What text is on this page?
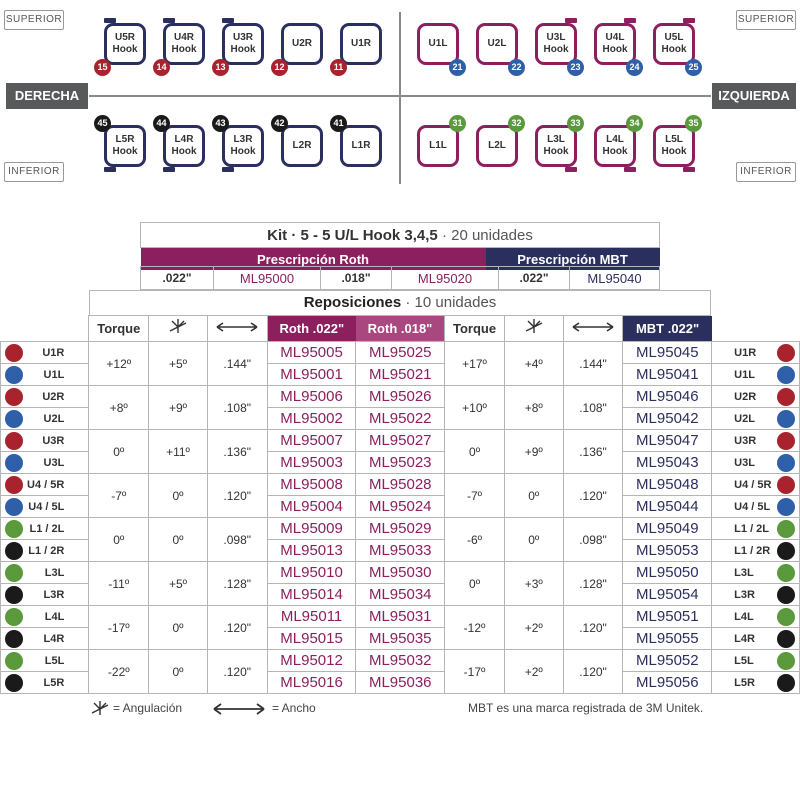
SUPERIOR	SUPERIOR
INFERIOR	INFERIOR
DERECHA	IZQUIERDA
U5R
Hook
15
U4R
Hook
14
U3R
Hook
13
U2R
12
U1R
11
U1L
21
U2L
22
U3L
Hook
23
U4L
Hook
24
U5L
Hook
25
L5R
Hook
45
L4R
Hook
44
L3R
Hook
43
L2R
42
L1R
41
L1L
31
L2L
32
L3L
Hook
33
L4L
Hook
34
L5L
Hook
35
Kit · 5 - 5 U/L Hook 3,4,5 · 20 unidades
Prescripción Roth	Prescripción MBT
.022"	ML95000	.018"	ML95020	.022"	ML95040
Reposiciones · 10 unidades
	Torque			Roth .022"	Roth .018"	Torque			MBT .022"	

U1R	+12º	+5º	.144"	ML95005	ML95025	+17º	+4º	.144"	ML95045	U1R

U1L				ML95001	ML95021				ML95041	U1L

U2R	+8º	+9º	.108"	ML95006	ML95026	+10º	+8º	.108"	ML95046	U2R

U2L				ML95002	ML95022				ML95042	U2L

U3R	0º	+11º	.136"	ML95007	ML95027	0º	+9º	.136"	ML95047	U3R

U3L				ML95003	ML95023				ML95043	U3L

U4 / 5R	-7º	0º	.120"	ML95008	ML95028	-7º	0º	.120"	ML95048	U4 / 5R

U4 / 5L				ML95004	ML95024				ML95044	U4 / 5L

L1 / 2L	0º	0º	.098"	ML95009	ML95029	-6º	0º	.098"	ML95049	L1 / 2L

L1 / 2R				ML95013	ML95033				ML95053	L1 / 2R

L3L	-11º	+5º	.128"	ML95010	ML95030	0º	+3º	.128"	ML95050	L3L

L3R				ML95014	ML95034				ML95054	L3R

L4L	-17º	0º	.120"	ML95011	ML95031	-12º	+2º	.120"	ML95051	L4L

L4R				ML95015	ML95035				ML95055	L4R

L5L	-22º	0º	.120"	ML95012	ML95032	-17º	+2º	.120"	ML95052	L5L

L5R				ML95016	ML95036				ML95056	L5R
= Angulación	= Ancho	MBT es una marca registrada de 3M Unitek.
